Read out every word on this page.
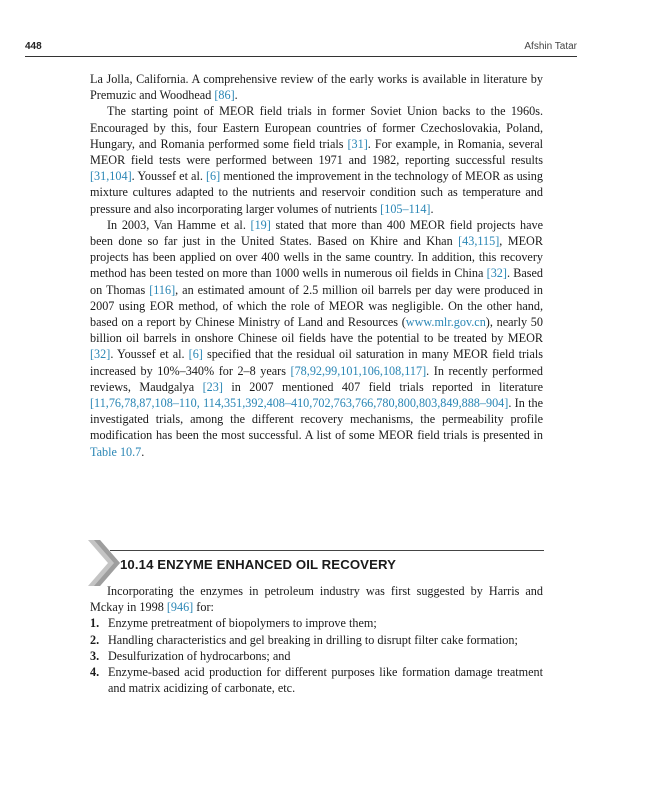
448	Afshin Tatar

La Jolla, California. A comprehensive review of the early works is available in literature by Premuzic and Woodhead [86].

The starting point of MEOR field trials in former Soviet Union backs to the 1960s. Encouraged by this, four Eastern European countries of former Czechoslovakia, Poland, Hungary, and Romania performed some field trials [31]. For example, in Romania, several MEOR field tests were performed between 1971 and 1982, reporting successful results [31,104]. Youssef et al. [6] mentioned the improvement in the technology of MEOR as using mixture cultures adapted to the nutrients and reservoir condition such as temperature and pressure and also incorporating larger volumes of nutrients [105–114].

In 2003, Van Hamme et al. [19] stated that more than 400 MEOR field projects have been done so far just in the United States. Based on Khire and Khan [43,115], MEOR projects has been applied on over 400 wells in the same country. In addition, this recovery method has been tested on more than 1000 wells in numerous oil fields in China [32]. Based on Thomas [116], an estimated amount of 2.5 million oil barrels per day were produced in 2007 using EOR method, of which the role of MEOR was negligible. On the other hand, based on a report by Chinese Ministry of Land and Resources (www.mlr.gov.cn), nearly 50 billion oil barrels in onshore Chinese oil fields have the potential to be treated by MEOR [32]. Youssef et al. [6] specified that the residual oil saturation in many MEOR field trials increased by 10%–340% for 2–8 years [78,92,99,101,106,108,117]. In recently performed reviews, Maudgalya [23] in 2007 mentioned 407 field trials reported in literature [11,76,78,87,108–110, 114,351,392,408–410,702,763,766,780,800,803,849,888–904]. In the investigated trials, among the different recovery mechanisms, the permeability profile modification has been the most successful. A list of some MEOR field trials is presented in Table 10.7.

10.14 ENZYME ENHANCED OIL RECOVERY

Incorporating the enzymes in petroleum industry was first suggested by Harris and Mckay in 1998 [946] for:

1. Enzyme pretreatment of biopolymers to improve them;
2. Handling characteristics and gel breaking in drilling to disrupt filter cake formation;
3. Desulfurization of hydrocarbons; and
4. Enzyme-based acid production for different purposes like formation damage treatment and matrix acidizing of carbonate, etc.
